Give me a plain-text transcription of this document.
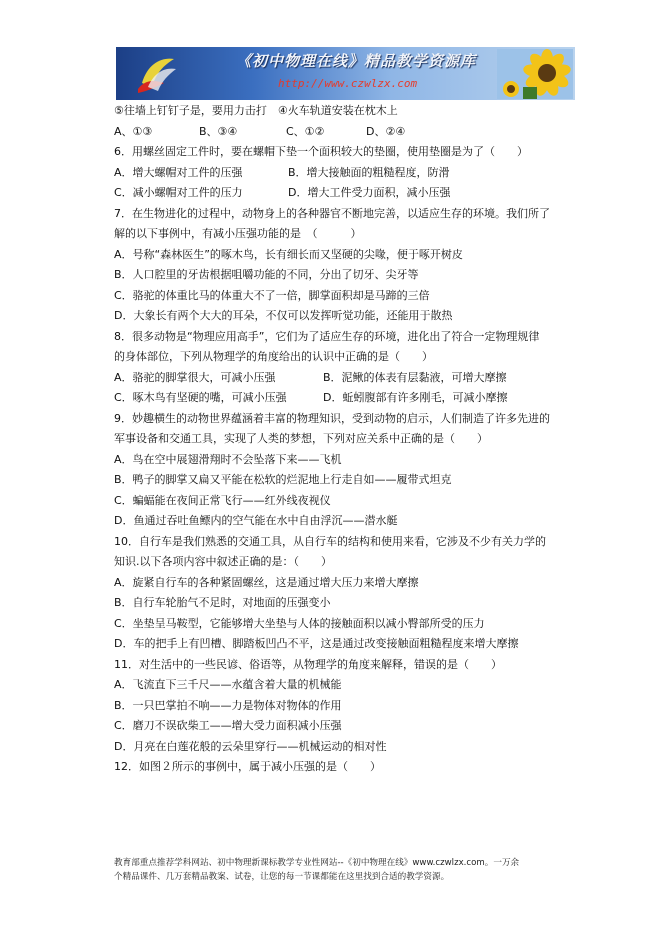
《初中物理在线》精品教学资源库
http://www.czwlzx.com
⑤往墙上钉钉子是，要用力击打　④火车轨道安装在枕木上
A、①③	B、③④	C、①②	D、②④
6．用螺丝固定工件时，要在螺帽下垫一个面积较大的垫圈，使用垫圈是为了（　　）
A．增大螺帽对工件的压强	B．增大接触面的粗糙程度，防滑
C．减小螺帽对工件的压力	D．增大工件受力面积，减小压强
7．在生物进化的过程中，动物身上的各种器官不断地完善，以适应生存的环境。我们所了
解的以下事例中，有减小压强功能的是　（　　　）
A．号称“森林医生”的啄木鸟，长有细长而又坚硬的尖喙，便于啄开树皮
B．人口腔里的牙齿根据咀嚼功能的不同，分出了切牙、尖牙等
C．骆驼的体重比马的体重大不了一倍，脚掌面积却是马蹄的三倍
D．大象长有两个大大的耳朵，不仅可以发挥听觉功能，还能用于散热
8．很多动物是“物理应用高手”，它们为了适应生存的环境，进化出了符合一定物理规律
的身体部位，下列从物理学的角度给出的认识中正确的是（　　）
A．骆驼的脚掌很大，可减小压强	B．泥鳅的体表有层黏液，可增大摩擦
C．啄木鸟有坚硬的嘴，可减小压强	D．蚯蚓腹部有许多刚毛，可减小摩擦
9．妙趣横生的动物世界蕴涵着丰富的物理知识，受到动物的启示，人们制造了许多先进的
军事设备和交通工具，实现了人类的梦想，下列对应关系中正确的是（　　）
A．鸟在空中展翅滑翔时不会坠落下来——飞机
B．鸭子的脚掌又扁又平能在松软的烂泥地上行走自如——履带式坦克
C．蝙蝠能在夜间正常飞行——红外线夜视仪
D．鱼通过吞吐鱼鳔内的空气能在水中自由浮沉——潜水艇
10．自行车是我们熟悉的交通工具，从自行车的结构和使用来看，它涉及不少有关力学的
知识.以下各项内容中叙述正确的是：（　　）
A．旋紧自行车的各种紧固螺丝，这是通过增大压力来增大摩擦
B．自行车轮胎气不足时，对地面的压强变小
C．坐垫呈马鞍型，它能够增大坐垫与人体的接触面积以减小臀部所受的压力
D．车的把手上有凹槽、脚踏板凹凸不平，这是通过改变接触面粗糙程度来增大摩擦
11．对生活中的一些民谚、俗语等，从物理学的角度来解释，错误的是（　　）
A．飞流直下三千尺——水蕴含着大量的机械能
B．一只巴掌拍不响——力是物体对物体的作用
C．磨刀不误砍柴工——增大受力面积减小压强
D．月亮在白莲花般的云朵里穿行——机械运动的相对性
12．如图２所示的事例中，属于减小压强的是（　　）
教育部重点推荐学科网站、初中物理新课标教学专业性网站--《初中物理在线》www.czwlzx.com。一万余
个精品课件、几万套精品教案、试卷，让您的每一节课都能在这里找到合适的教学资源。
